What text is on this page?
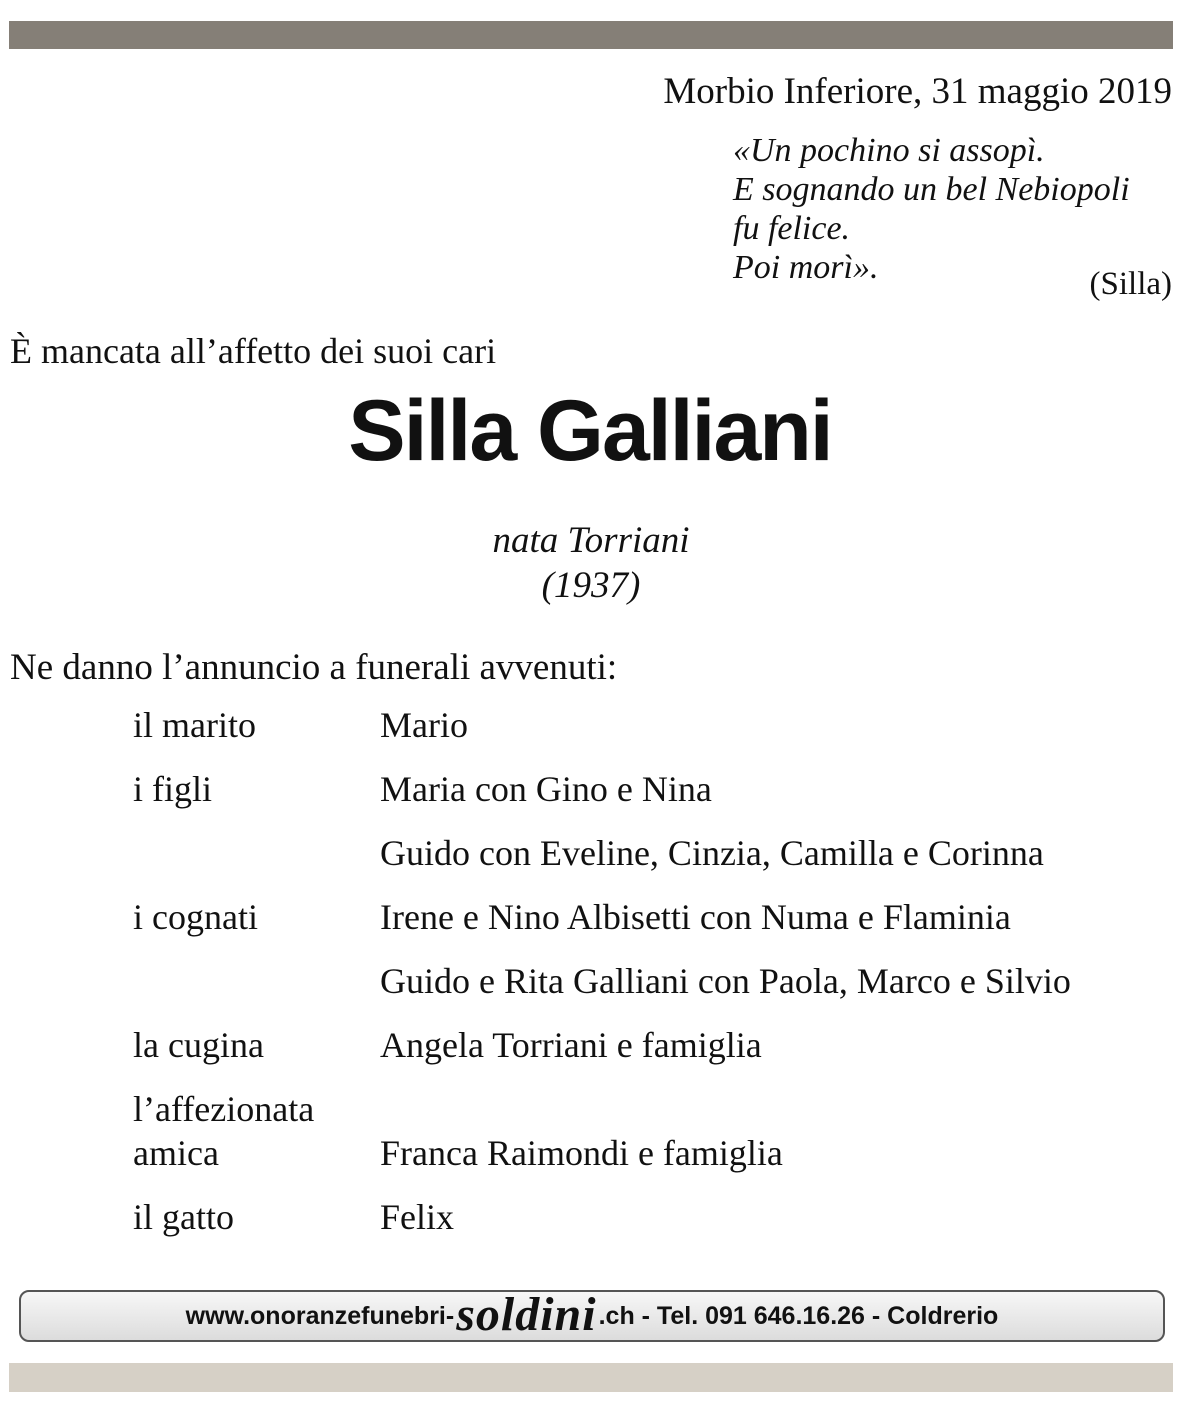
Morbio Inferiore, 31 maggio 2019
«Un pochino si assopì.
E sognando un bel Nebiopoli
fu felice.
Poi morì».	(Silla)
È mancata all’affetto dei suoi cari
Silla Galliani
nata Torriani
(1937)
Ne danno l’annuncio a funerali avvenuti:
il marito	Mario
i figli	Maria con Gino e Nina
Guido con Eveline, Cinzia, Camilla e Corinna
i cognati	Irene e Nino Albisetti con Numa e Flaminia
Guido e Rita Galliani con Paola, Marco e Silvio
la cugina	Angela Torriani e famiglia
l’affezionata
amica	Franca Raimondi e famiglia
il gatto	Felix
www.onoranzefunebri- soldini .ch - Tel. 091 646.16.26 - Coldrerio
